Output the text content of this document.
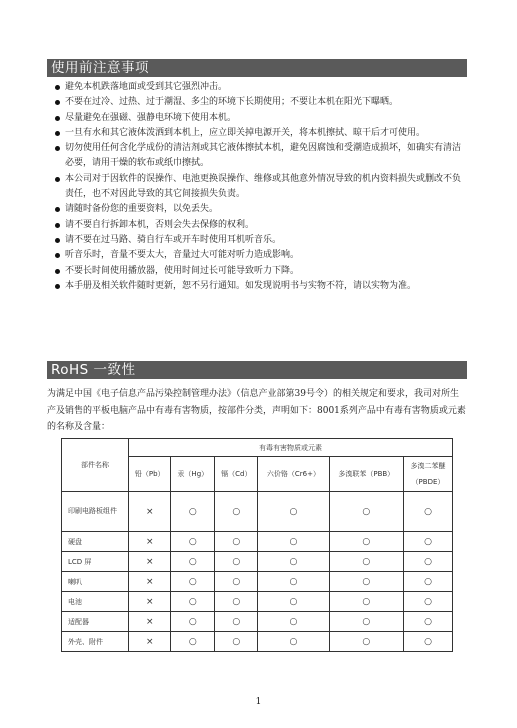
使用前注意事项
避免本机跌落地面或受到其它强烈冲击。
不要在过冷、过热、过于潮湿、多尘的环境下长期使用；不要让本机在阳光下曝晒。
尽量避免在强磁、强静电环境下使用本机。
一旦有水和其它液体泼洒到本机上，应立即关掉电源开关，将本机擦拭、晾干后才可使用。
切勿使用任何含化学成份的清洁剂或其它液体擦拭本机，避免因腐蚀和受潮造成损坏，如确实有清洁必要，请用干燥的软布或纸巾擦拭。
本公司对于因软件的误操作、电池更换误操作、维修或其他意外情况导致的机内资料损失或删改不负责任，也不对因此导致的其它间接损失负责。
请随时备份您的重要资料，以免丢失。
请不要自行拆卸本机，否则会失去保修的权利。
请不要在过马路、骑自行车或开车时使用耳机听音乐。
听音乐时，音量不要太大，音量过大可能对听力造成影响。
不要长时间使用播放器，使用时间过长可能导致听力下降。
本手册及相关软件随时更新，恕不另行通知。如发现说明书与实物不符，请以实物为准。
RoHS 一致性
为满足中国《电子信息产品污染控制管理办法》（信息产业部第39号令）的相关规定和要求，我司对所生产及销售的平板电脑产品中有毒有害物质，按部件分类，声明如下：8001系列产品中有毒有害物质或元素的名称及含量：
部件名称	有毒有害物质或元素					
	铅（Pb）	汞（Hg）	镉（Cd）	六价铬（Cr6+）	多溴联苯（PBB）	多溴二苯醚
（PBDE）

印刷电路板组件	×	○	○	○	○	○
硬盘	×	○	○	○	○	○
LCD 屏	×	○	○	○	○	○
喇叭	×	○	○	○	○	○
电池	×	○	○	○	○	○
适配器	×	○	○	○	○	○
外壳、附件	×	○	○	○	○	○
1
